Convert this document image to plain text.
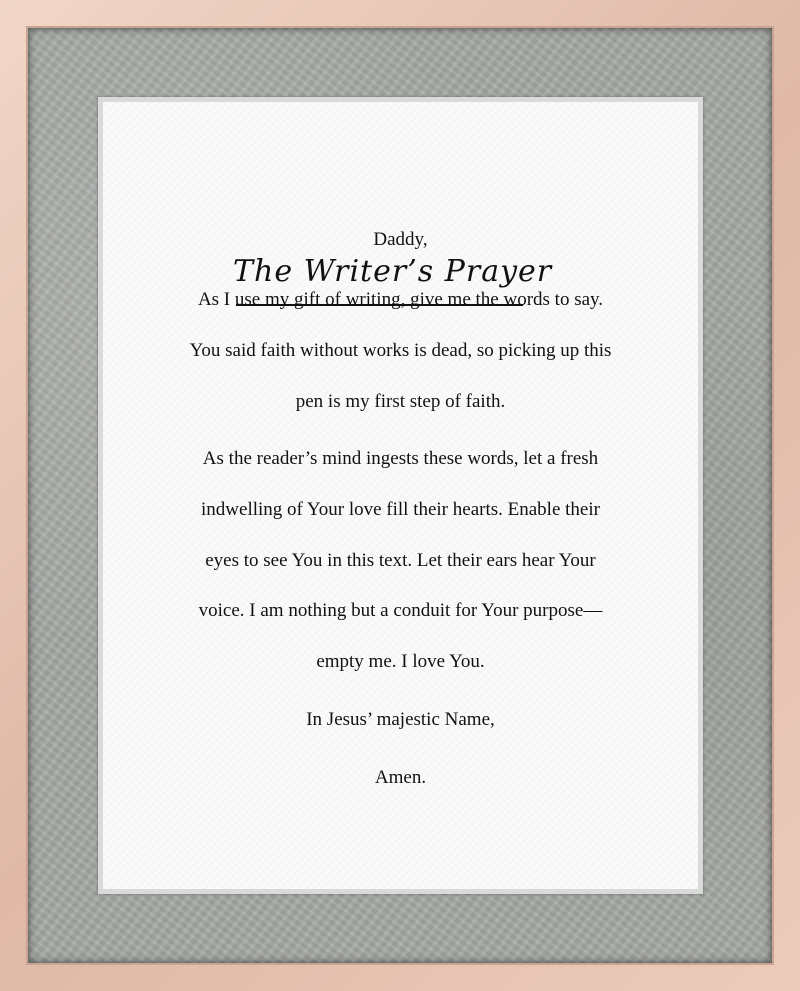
The Writer’s Prayer
Daddy,
As I use my gift of writing, give me the words to say.
You said faith without works is dead, so picking up this
pen is my first step of faith.
As the reader’s mind ingests these words, let a fresh
indwelling of Your love fill their hearts. Enable their
eyes to see You in this text. Let their ears hear Your
voice. I am nothing but a conduit for Your purpose—
empty me. I love You.
In Jesus’ majestic Name,
Amen.
